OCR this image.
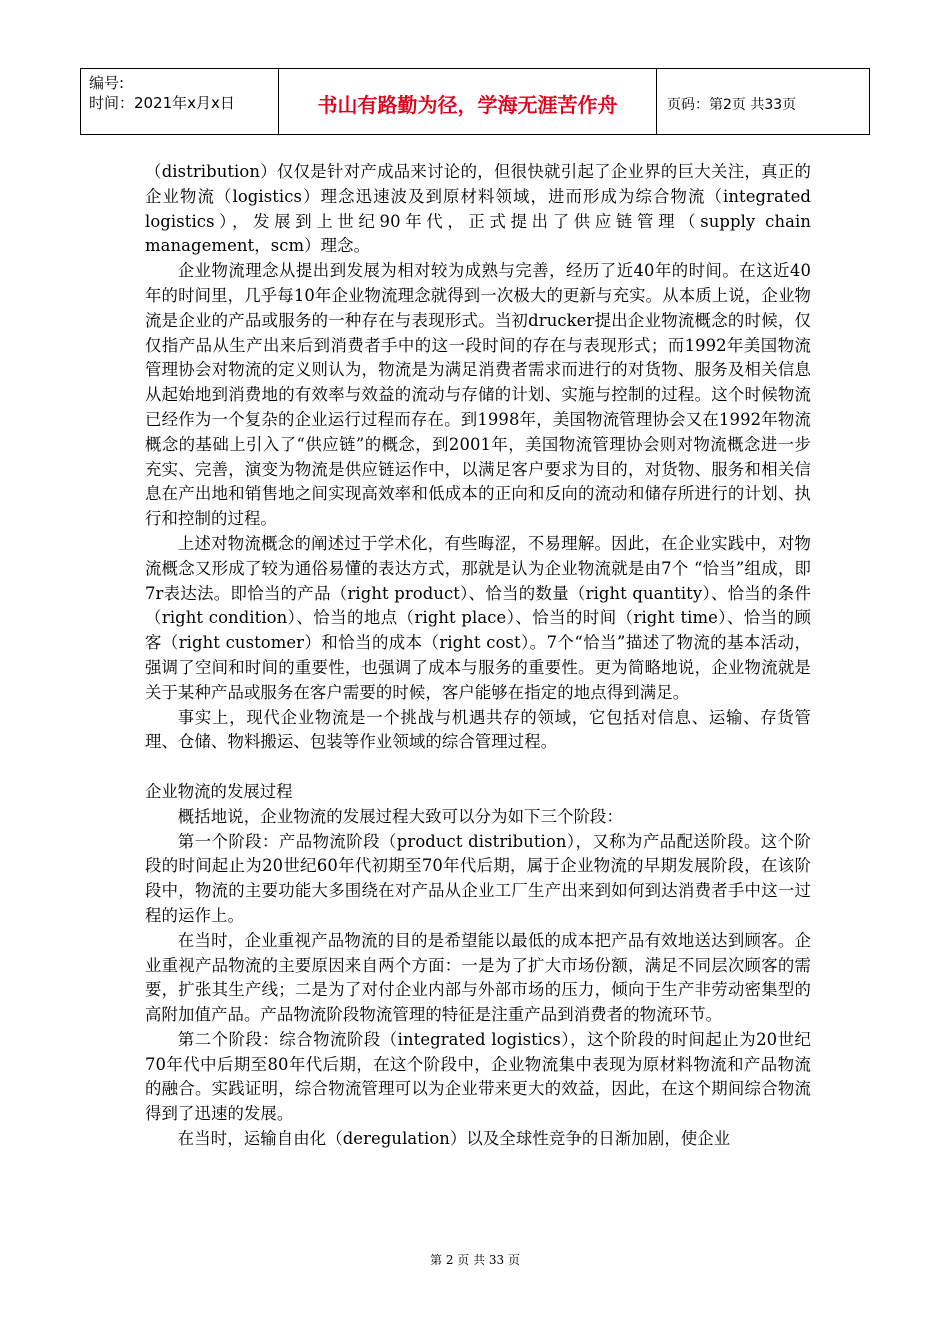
编号:
时间：2021年x月x日	书山有路勤为径，学海无涯苦作舟	页码：第2页 共33页

（distribution）仅仅是针对产成品来讨论的，但很快就引起了企业界的巨大关注，真正的企业物流（logistics）理念迅速波及到原材料领域，进而形成为综合物流（integrated logistics），发展到上世纪90年代，正式提出了供应链管理（supply chain management，scm）理念。

企业物流理念从提出到发展为相对较为成熟与完善，经历了近40年的时间。在这近40年的时间里，几乎每10年企业物流理念就得到一次极大的更新与充实。从本质上说，企业物流是企业的产品或服务的一种存在与表现形式。当初drucker提出企业物流概念的时候，仅仅指产品从生产出来后到消费者手中的这一段时间的存在与表现形式；而1992年美国物流管理协会对物流的定义则认为，物流是为满足消费者需求而进行的对货物、服务及相关信息从起始地到消费地的有效率与效益的流动与存储的计划、实施与控制的过程。这个时候物流已经作为一个复杂的企业运行过程而存在。到1998年，美国物流管理协会又在1992年物流概念的基础上引入了“供应链”的概念，到2001年，美国物流管理协会则对物流概念进一步充实、完善，演变为物流是供应链运作中，以满足客户要求为目的，对货物、服务和相关信息在产出地和销售地之间实现高效率和低成本的正向和反向的流动和储存所进行的计划、执行和控制的过程。

上述对物流概念的阐述过于学术化，有些晦涩，不易理解。因此，在企业实践中，对物流概念又形成了较为通俗易懂的表达方式，那就是认为企业物流就是由7个 “恰当”组成，即7r表达法。即恰当的产品（right product）、恰当的数量（right quantity）、恰当的条件（right condition）、恰当的地点（right place）、恰当的时间（right time）、恰当的顾客（right customer）和恰当的成本（right cost）。7个“恰当”描述了物流的基本活动，强调了空间和时间的重要性，也强调了成本与服务的重要性。更为简略地说，企业物流就是关于某种产品或服务在客户需要的时候，客户能够在指定的地点得到满足。

事实上，现代企业物流是一个挑战与机遇共存的领域，它包括对信息、运输、存货管理、仓储、物料搬运、包装等作业领域的综合管理过程。

企业物流的发展过程

概括地说，企业物流的发展过程大致可以分为如下三个阶段：

第一个阶段：产品物流阶段（product distribution），又称为产品配送阶段。这个阶段的时间起止为20世纪60年代初期至70年代后期，属于企业物流的早期发展阶段，在该阶段中，物流的主要功能大多围绕在对产品从企业工厂生产出来到如何到达消费者手中这一过程的运作上。

在当时，企业重视产品物流的目的是希望能以最低的成本把产品有效地送达到顾客。企业重视产品物流的主要原因来自两个方面：一是为了扩大市场份额，满足不同层次顾客的需要，扩张其生产线；二是为了对付企业内部与外部市场的压力，倾向于生产非劳动密集型的高附加值产品。产品物流阶段物流管理的特征是注重产品到消费者的物流环节。

第二个阶段：综合物流阶段（integrated logistics），这个阶段的时间起止为20世纪70年代中后期至80年代后期，在这个阶段中，企业物流集中表现为原材料物流和产品物流的融合。实践证明，综合物流管理可以为企业带来更大的效益，因此，在这个期间综合物流得到了迅速的发展。

在当时，运输自由化（deregulation）以及全球性竞争的日渐加剧，使企业

第 2 页 共 33 页
